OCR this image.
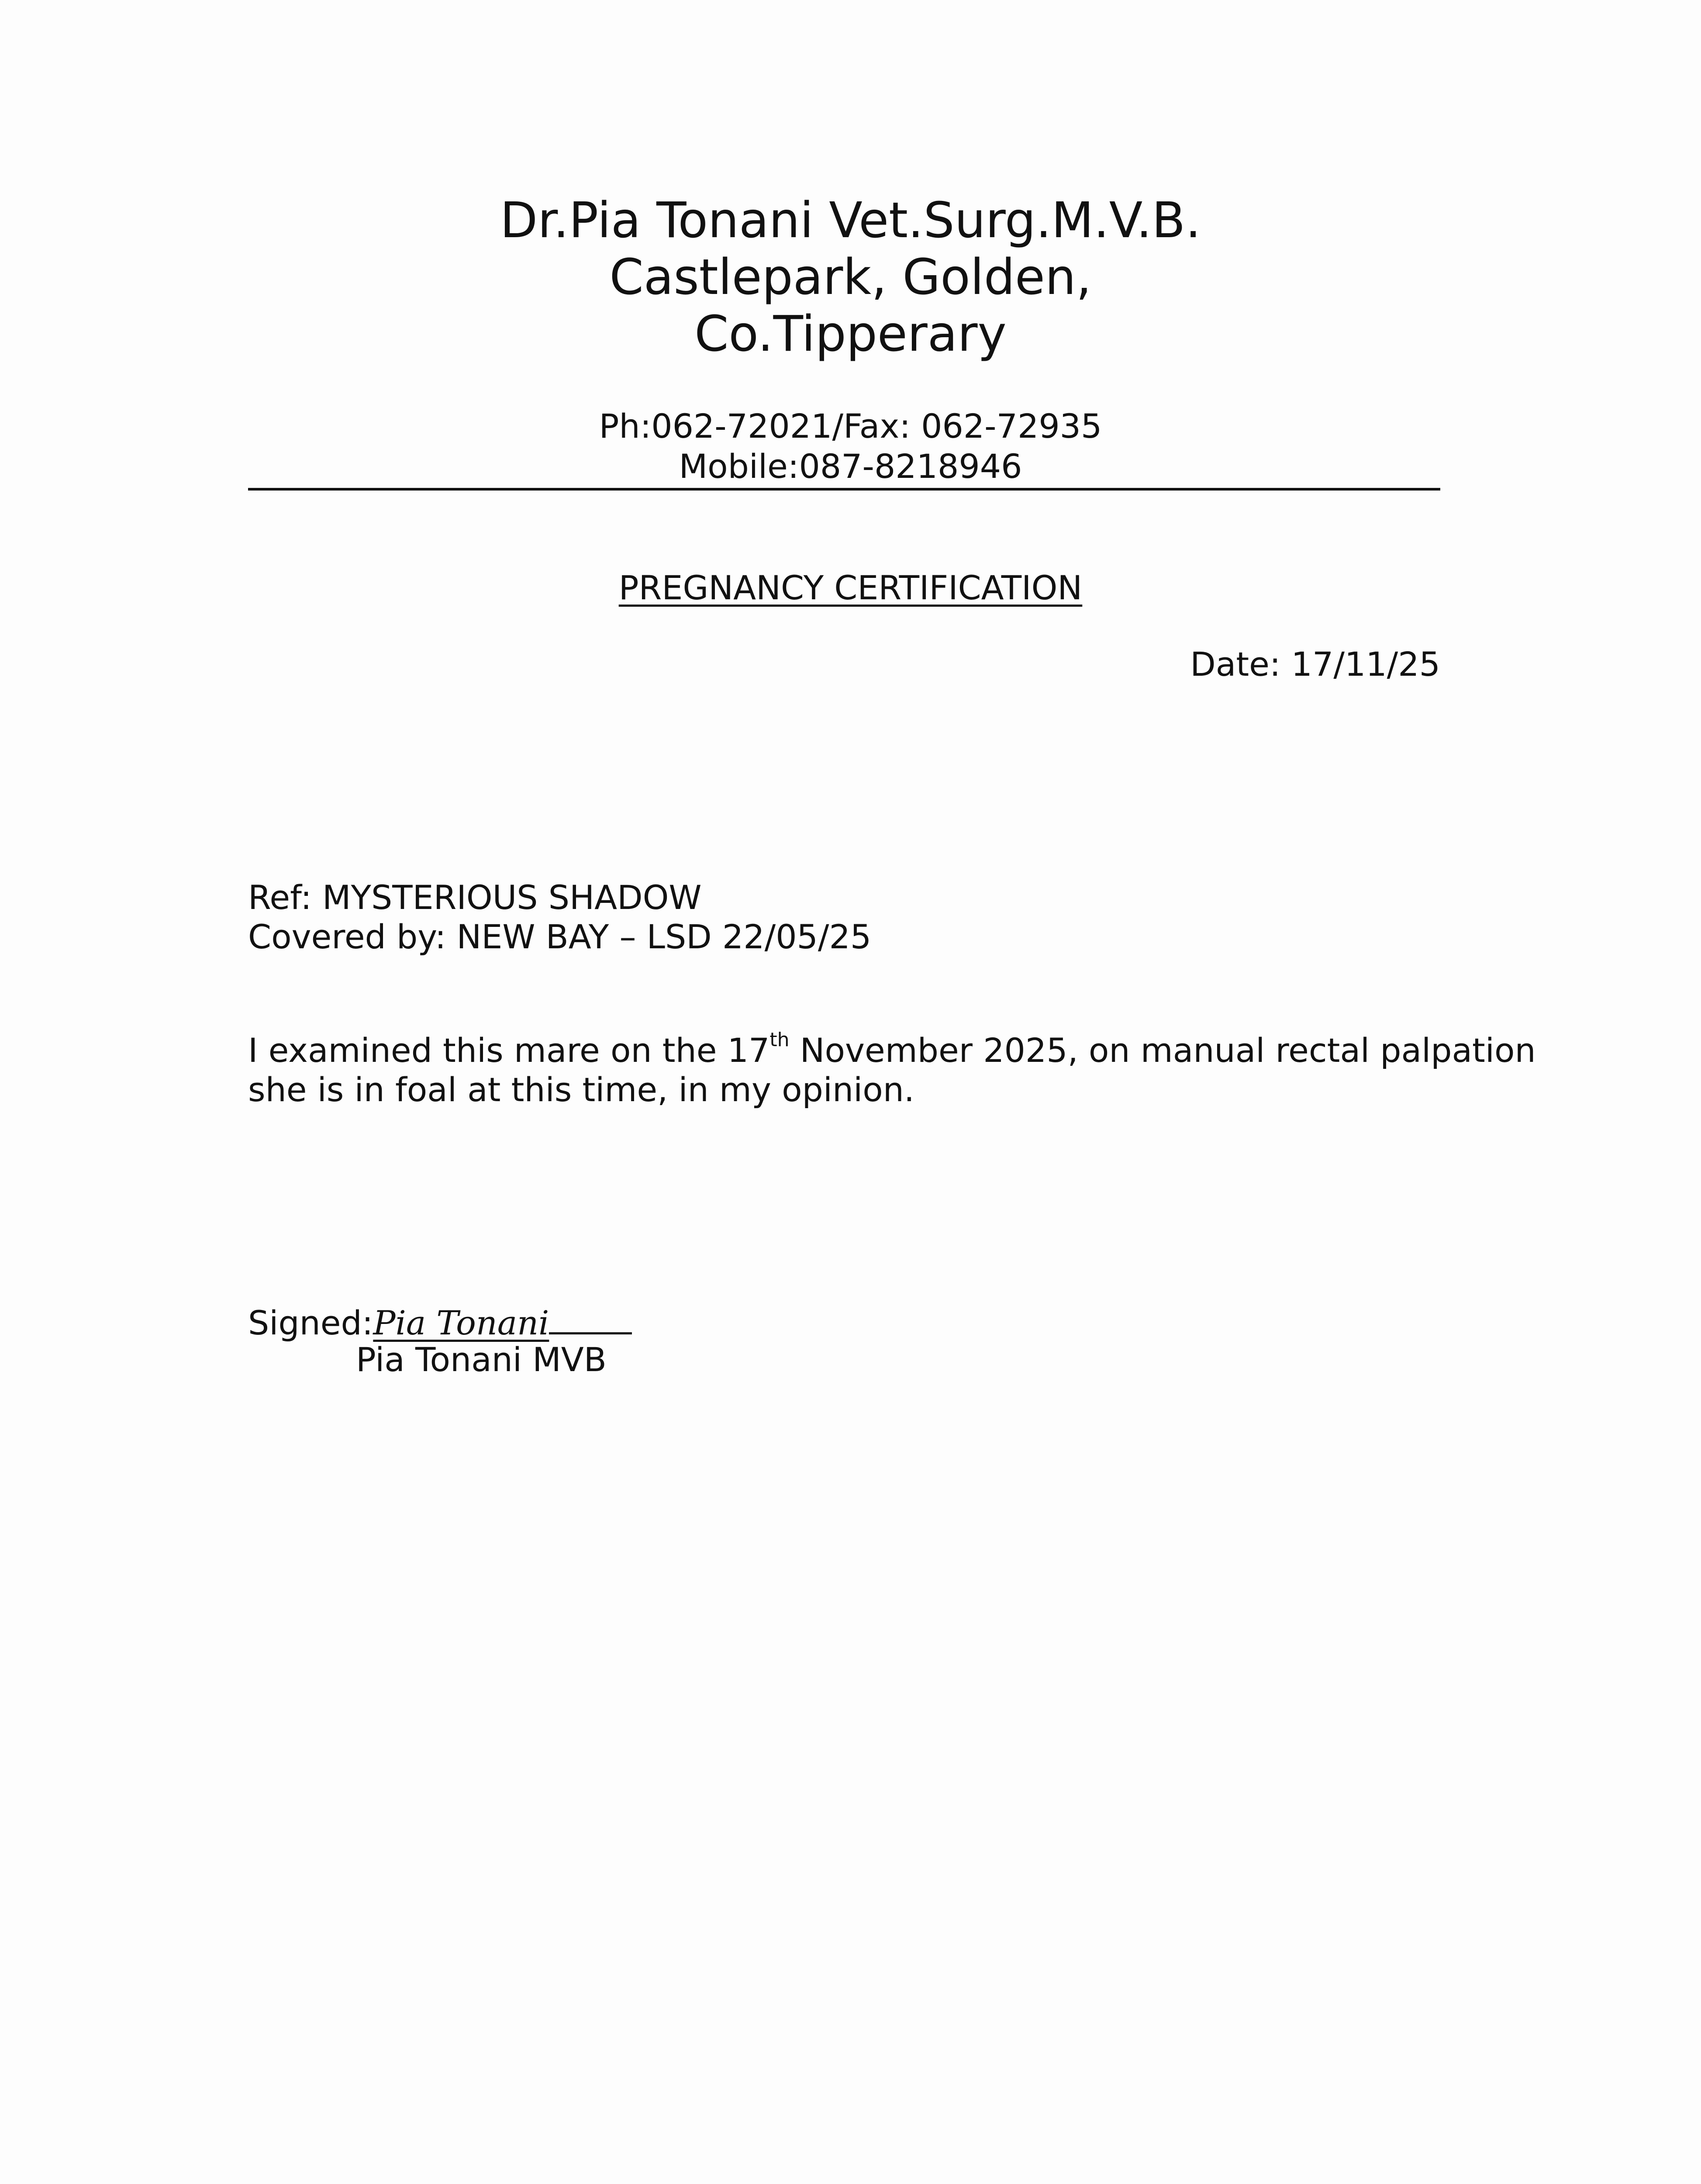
Dr.Pia Tonani Vet.Surg.M.V.B.
Castlepark, Golden,
Co.Tipperary
Ph:062-72021/Fax: 062-72935
Mobile:087-8218946
PREGNANCY CERTIFICATION
Date: 17/11/25
Ref: MYSTERIOUS SHADOW
Covered by: NEW BAY – LSD 22/05/25
I examined this mare on the 17th November 2025, on manual rectal palpation
she is in foal at this time, in my opinion.
Signed:Pia Tonani
Pia Tonani MVB
